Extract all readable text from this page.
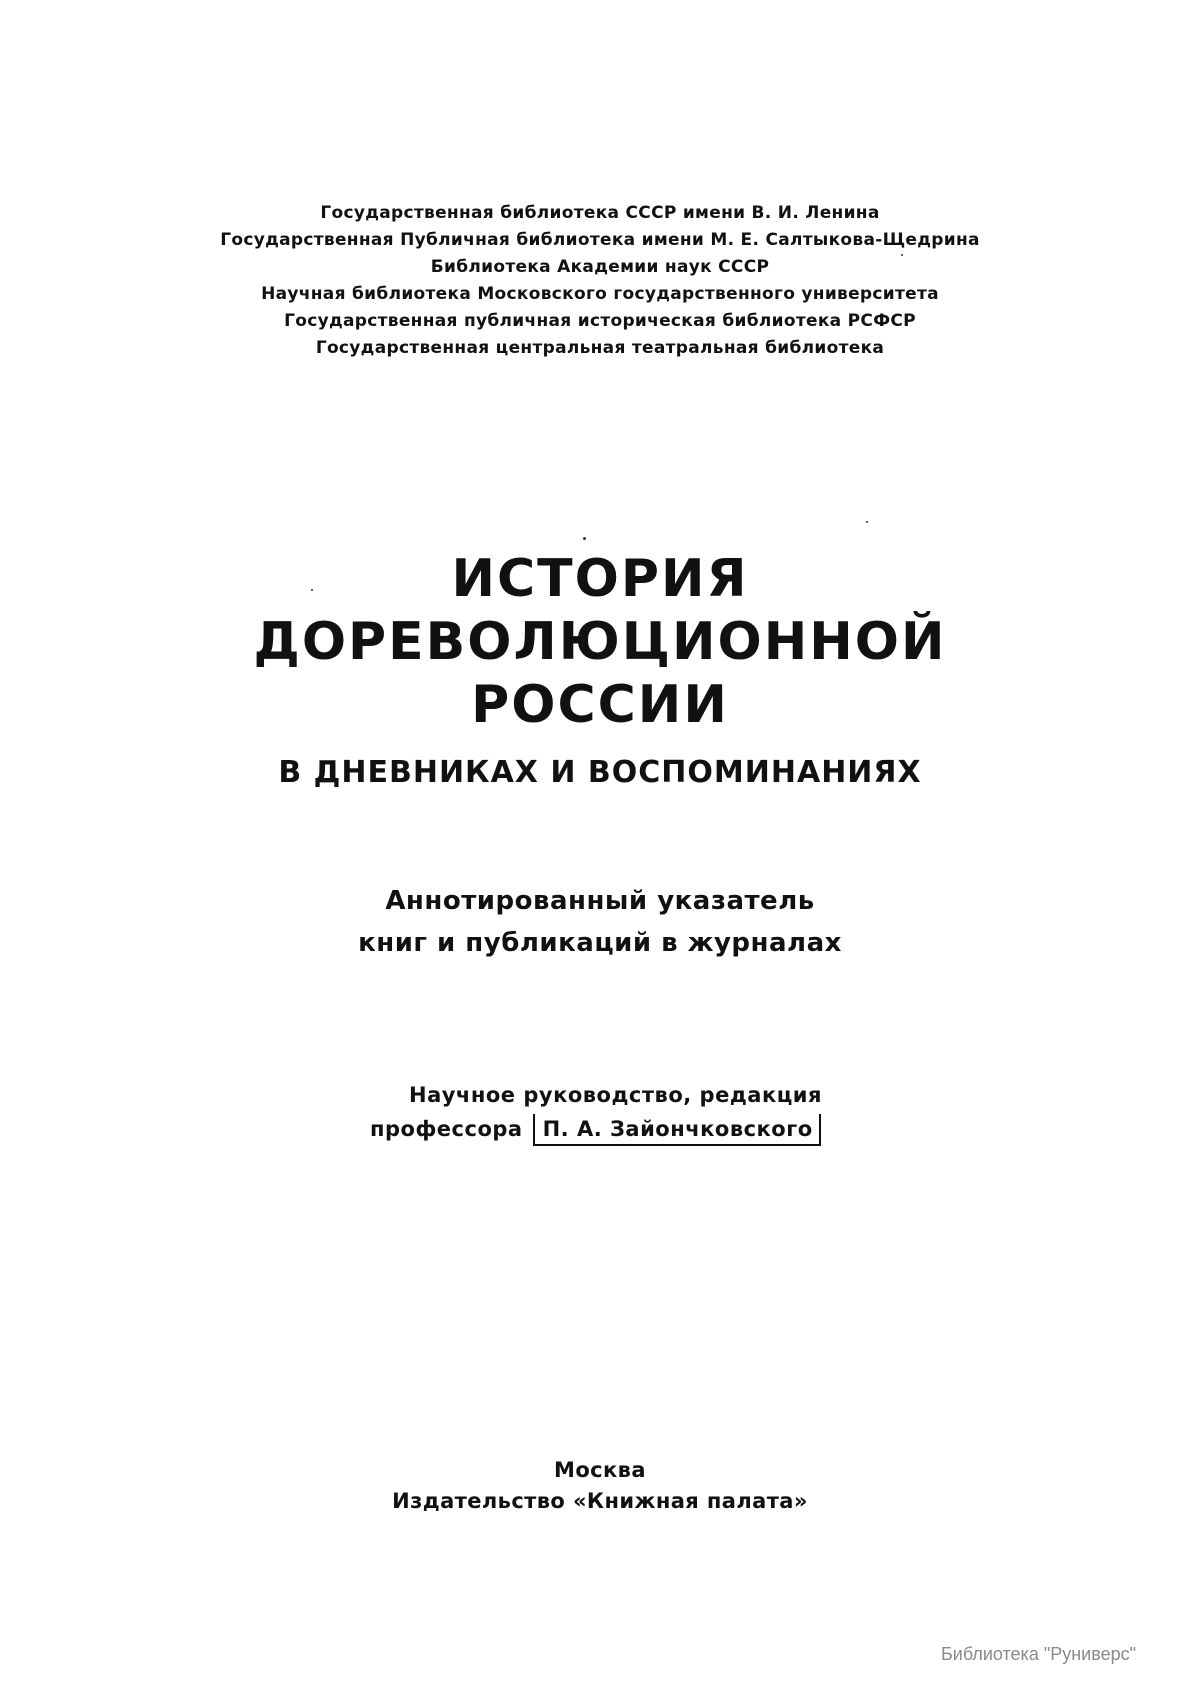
Государственная библиотека СССР имени В. И. Ленина
Государственная Публичная библиотека имени М. Е. Салтыкова-Щедрина
Библиотека Академии наук СССР
Научная библиотека Московского государственного университета
Государственная публичная историческая библиотека РСФСР
Государственная центральная театральная библиотека
ИСТОРИЯ
ДОРЕВОЛЮЦИОННОЙ
РОССИИ
В ДНЕВНИКАХ И ВОСПОМИНАНИЯХ
Аннотированный указатель
книг и публикаций в журналах
Научное руководство, редакция
профессора П. А. Зайончковского
Москва
Издательство «Книжная палата»
Библиотека "Руниверс"
